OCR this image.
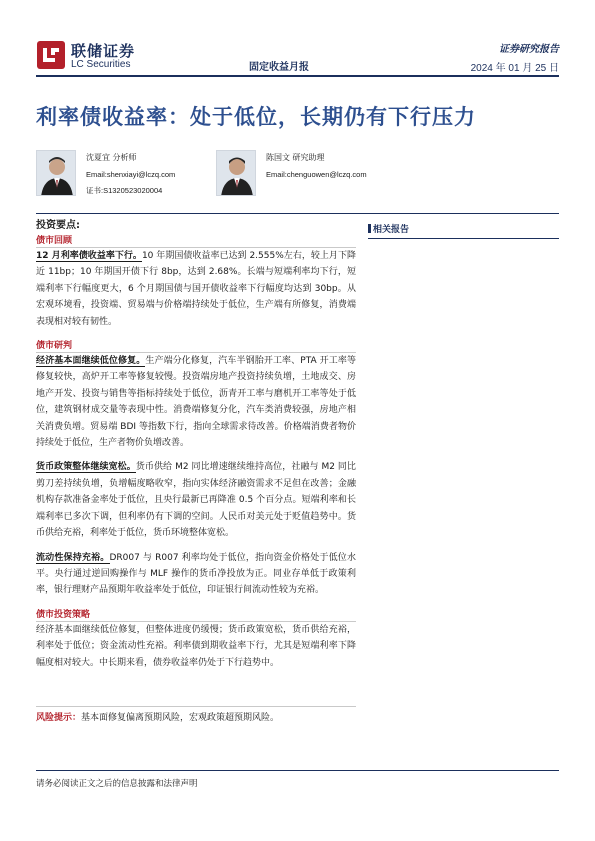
联储证券
LC Securities	固定收益月报
证券研究报告
2024 年 01 月 25 日
利率债收益率：处于低位，长期仍有下行压力
沈夏宜 分析师
Email:shenxiayi@lczq.com
证书:S1320523020004
陈国文 研究助理
Email:chenguowen@lczq.com
投资要点:
债市回顾

12 月利率债收益率下行。10 年期国债收益率已达到 2.555%左右，较上月下降近 11bp；10 年期国开债下行 8bp，达到 2.68%。长端与短端利率均下行，短端利率下行幅度更大，6 个月期国债与国开债收益率下行幅度均达到 30bp。从宏观环境看，投资端、贸易端与价格端持续处于低位，生产端有所修复，消费端表现相对较有韧性。

债市研判

经济基本面继续低位修复。生产端分化修复，汽车半钢胎开工率、PTA 开工率等修复较快，高炉开工率等修复较慢。投资端房地产投资持续负增，土地成交、房地产开发、投资与销售等指标持续处于低位，沥青开工率与磨机开工率等处于低位，建筑钢材成交量等表现中性。消费端修复分化，汽车类消费较强，房地产相关消费负增。贸易端 BDI 等指数下行，指向全球需求待改善。价格端消费者物价持续处于低位，生产者物价负增改善。

货币政策整体继续宽松。货币供给 M2 同比增速继续维持高位，社融与 M2 同比剪刀差持续负增，负增幅度略收窄，指向实体经济融资需求不足但在改善；金融机构存款准备金率处于低位，且央行最新已再降准 0.5 个百分点。短端利率和长端利率已多次下调，但利率仍有下调的空间。人民币对美元处于贬值趋势中。货币供给充裕，利率处于低位，货币环境整体宽松。

流动性保持充裕。DR007 与 R007 利率均处于低位，指向资金价格处于低位水平。央行通过逆回购操作与 MLF 操作的货币净投放为正。同业存单低于政策利率，银行理财产品预期年收益率处于低位，印证银行间流动性较为充裕。

债市投资策略

经济基本面继续低位修复，但整体进度仍缓慢；货币政策宽松，货币供给充裕，利率处于低位；资金流动性充裕。利率债到期收益率下行，尤其是短端利率下降幅度相对较大。中长期来看，债券收益率仍处于下行趋势中。

相关报告
风险提示：基本面修复偏离预期风险，宏观政策超预期风险。
请务必阅读正文之后的信息披露和法律声明
